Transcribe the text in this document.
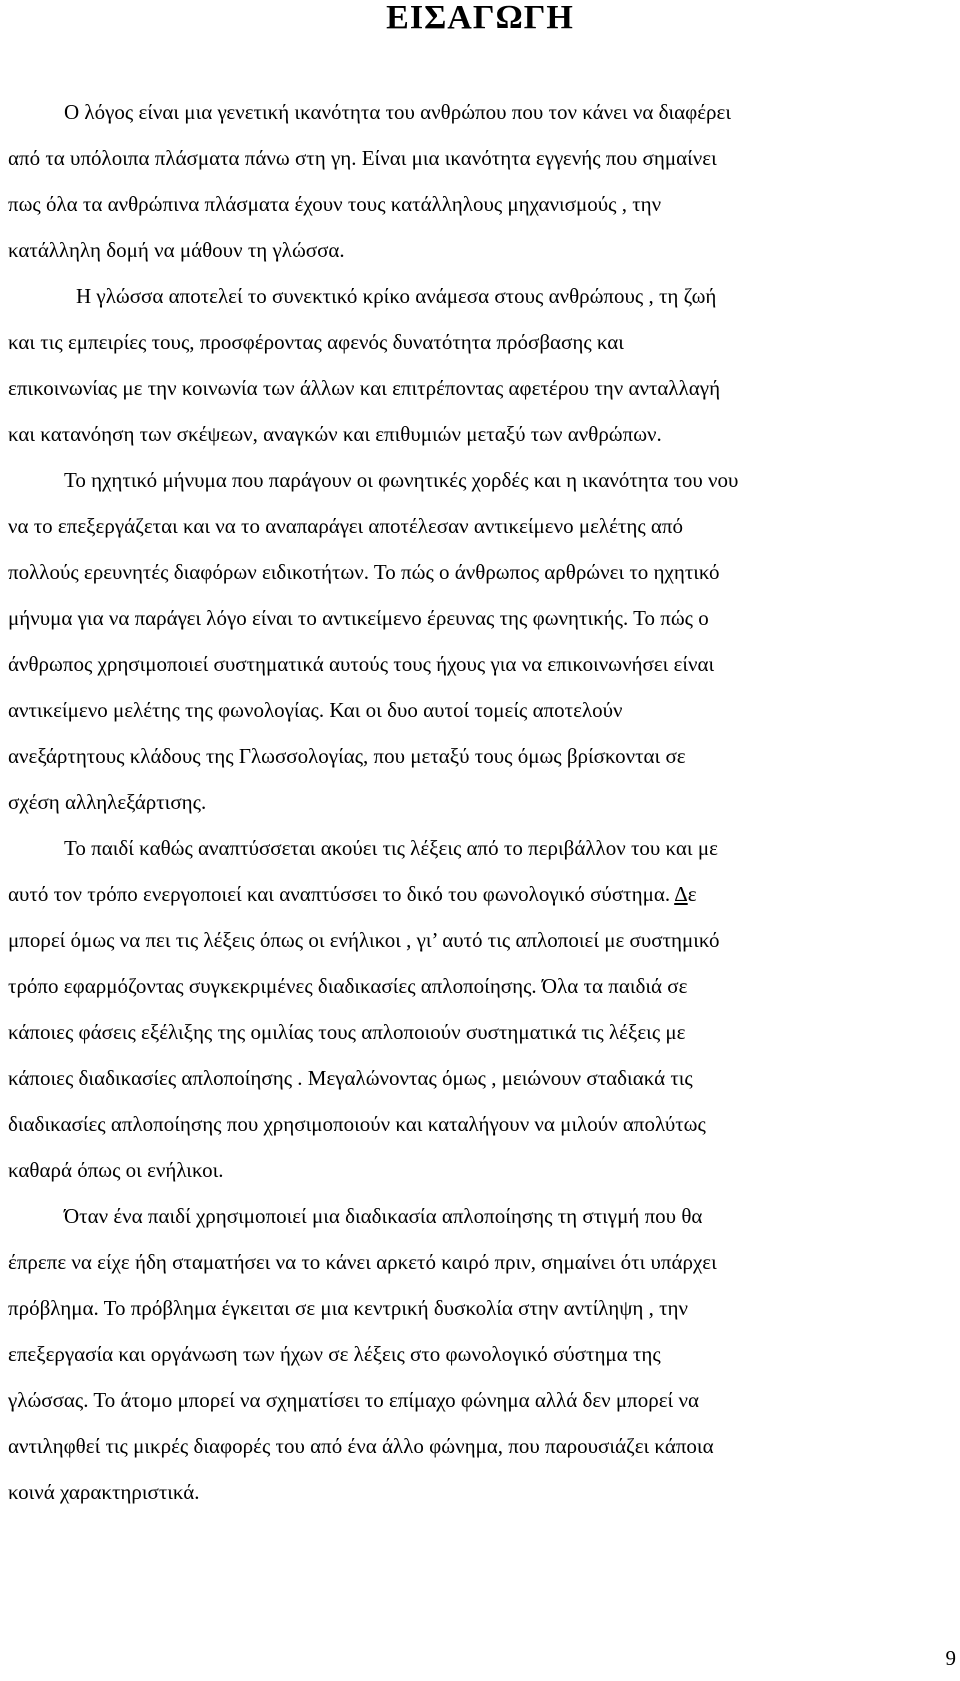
ΕΙΣΑΓΩΓΗ

Ο λόγος είναι μια γενετική ικανότητα του ανθρώπου που τον κάνει να διαφέρει

από τα υπόλοιπα πλάσματα πάνω στη γη. Είναι μια ικανότητα εγγενής που σημαίνει

πως όλα τα ανθρώπινα πλάσματα έχουν τους κατάλληλους μηχανισμούς , την

κατάλληλη δομή να μάθουν τη γλώσσα.

Η γλώσσα αποτελεί το συνεκτικό κρίκο ανάμεσα στους ανθρώπους , τη ζωή

και τις εμπειρίες τους, προσφέροντας αφενός δυνατότητα πρόσβασης και

επικοινωνίας με την κοινωνία των άλλων και επιτρέποντας αφετέρου την ανταλλαγή

και κατανόηση των σκέψεων, αναγκών και επιθυμιών μεταξύ των ανθρώπων.

Το ηχητικό μήνυμα που παράγουν οι φωνητικές χορδές και η ικανότητα του νου

να το επεξεργάζεται και να το αναπαράγει αποτέλεσαν αντικείμενο μελέτης από

πολλούς ερευνητές διαφόρων ειδικοτήτων. Το πώς ο άνθρωπος αρθρώνει το ηχητικό

μήνυμα για να παράγει λόγο είναι το αντικείμενο έρευνας της φωνητικής. Το πώς ο

άνθρωπος χρησιμοποιεί συστηματικά αυτούς τους ήχους για να επικοινωνήσει είναι

αντικείμενο μελέτης της φωνολογίας. Και οι δυο αυτοί τομείς αποτελούν

ανεξάρτητους κλάδους της Γλωσσολογίας, που μεταξύ τους όμως βρίσκονται σε

σχέση αλληλεξάρτισης.

Το παιδί καθώς αναπτύσσεται ακούει τις λέξεις από το περιβάλλον του και με

αυτό τον τρόπο ενεργοποιεί και αναπτύσσει το δικό του φωνολογικό σύστημα. Δε

μπορεί όμως να πει τις λέξεις όπως οι ενήλικοι , γι’ αυτό τις απλοποιεί με συστημικό

τρόπο εφαρμόζοντας συγκεκριμένες διαδικασίες απλοποίησης. Όλα τα παιδιά σε

κάποιες φάσεις εξέλιξης της ομιλίας τους απλοποιούν συστηματικά τις λέξεις με

κάποιες διαδικασίες απλοποίησης . Μεγαλώνοντας όμως , μειώνουν σταδιακά τις

διαδικασίες απλοποίησης που χρησιμοποιούν και καταλήγουν να μιλούν απολύτως

καθαρά όπως οι ενήλικοι.

Όταν ένα παιδί χρησιμοποιεί μια διαδικασία απλοποίησης τη στιγμή που θα

έπρεπε να είχε ήδη σταματήσει να το κάνει αρκετό καιρό πριν, σημαίνει ότι υπάρχει

πρόβλημα. Το πρόβλημα έγκειται σε μια κεντρική δυσκολία στην αντίληψη , την

επεξεργασία και οργάνωση των ήχων σε λέξεις στο φωνολογικό σύστημα της

γλώσσας. Το άτομο μπορεί να σχηματίσει το επίμαχο φώνημα αλλά δεν μπορεί να

αντιληφθεί τις μικρές διαφορές του από ένα άλλο φώνημα, που παρουσιάζει κάποια

κοινά χαρακτηριστικά.

9
